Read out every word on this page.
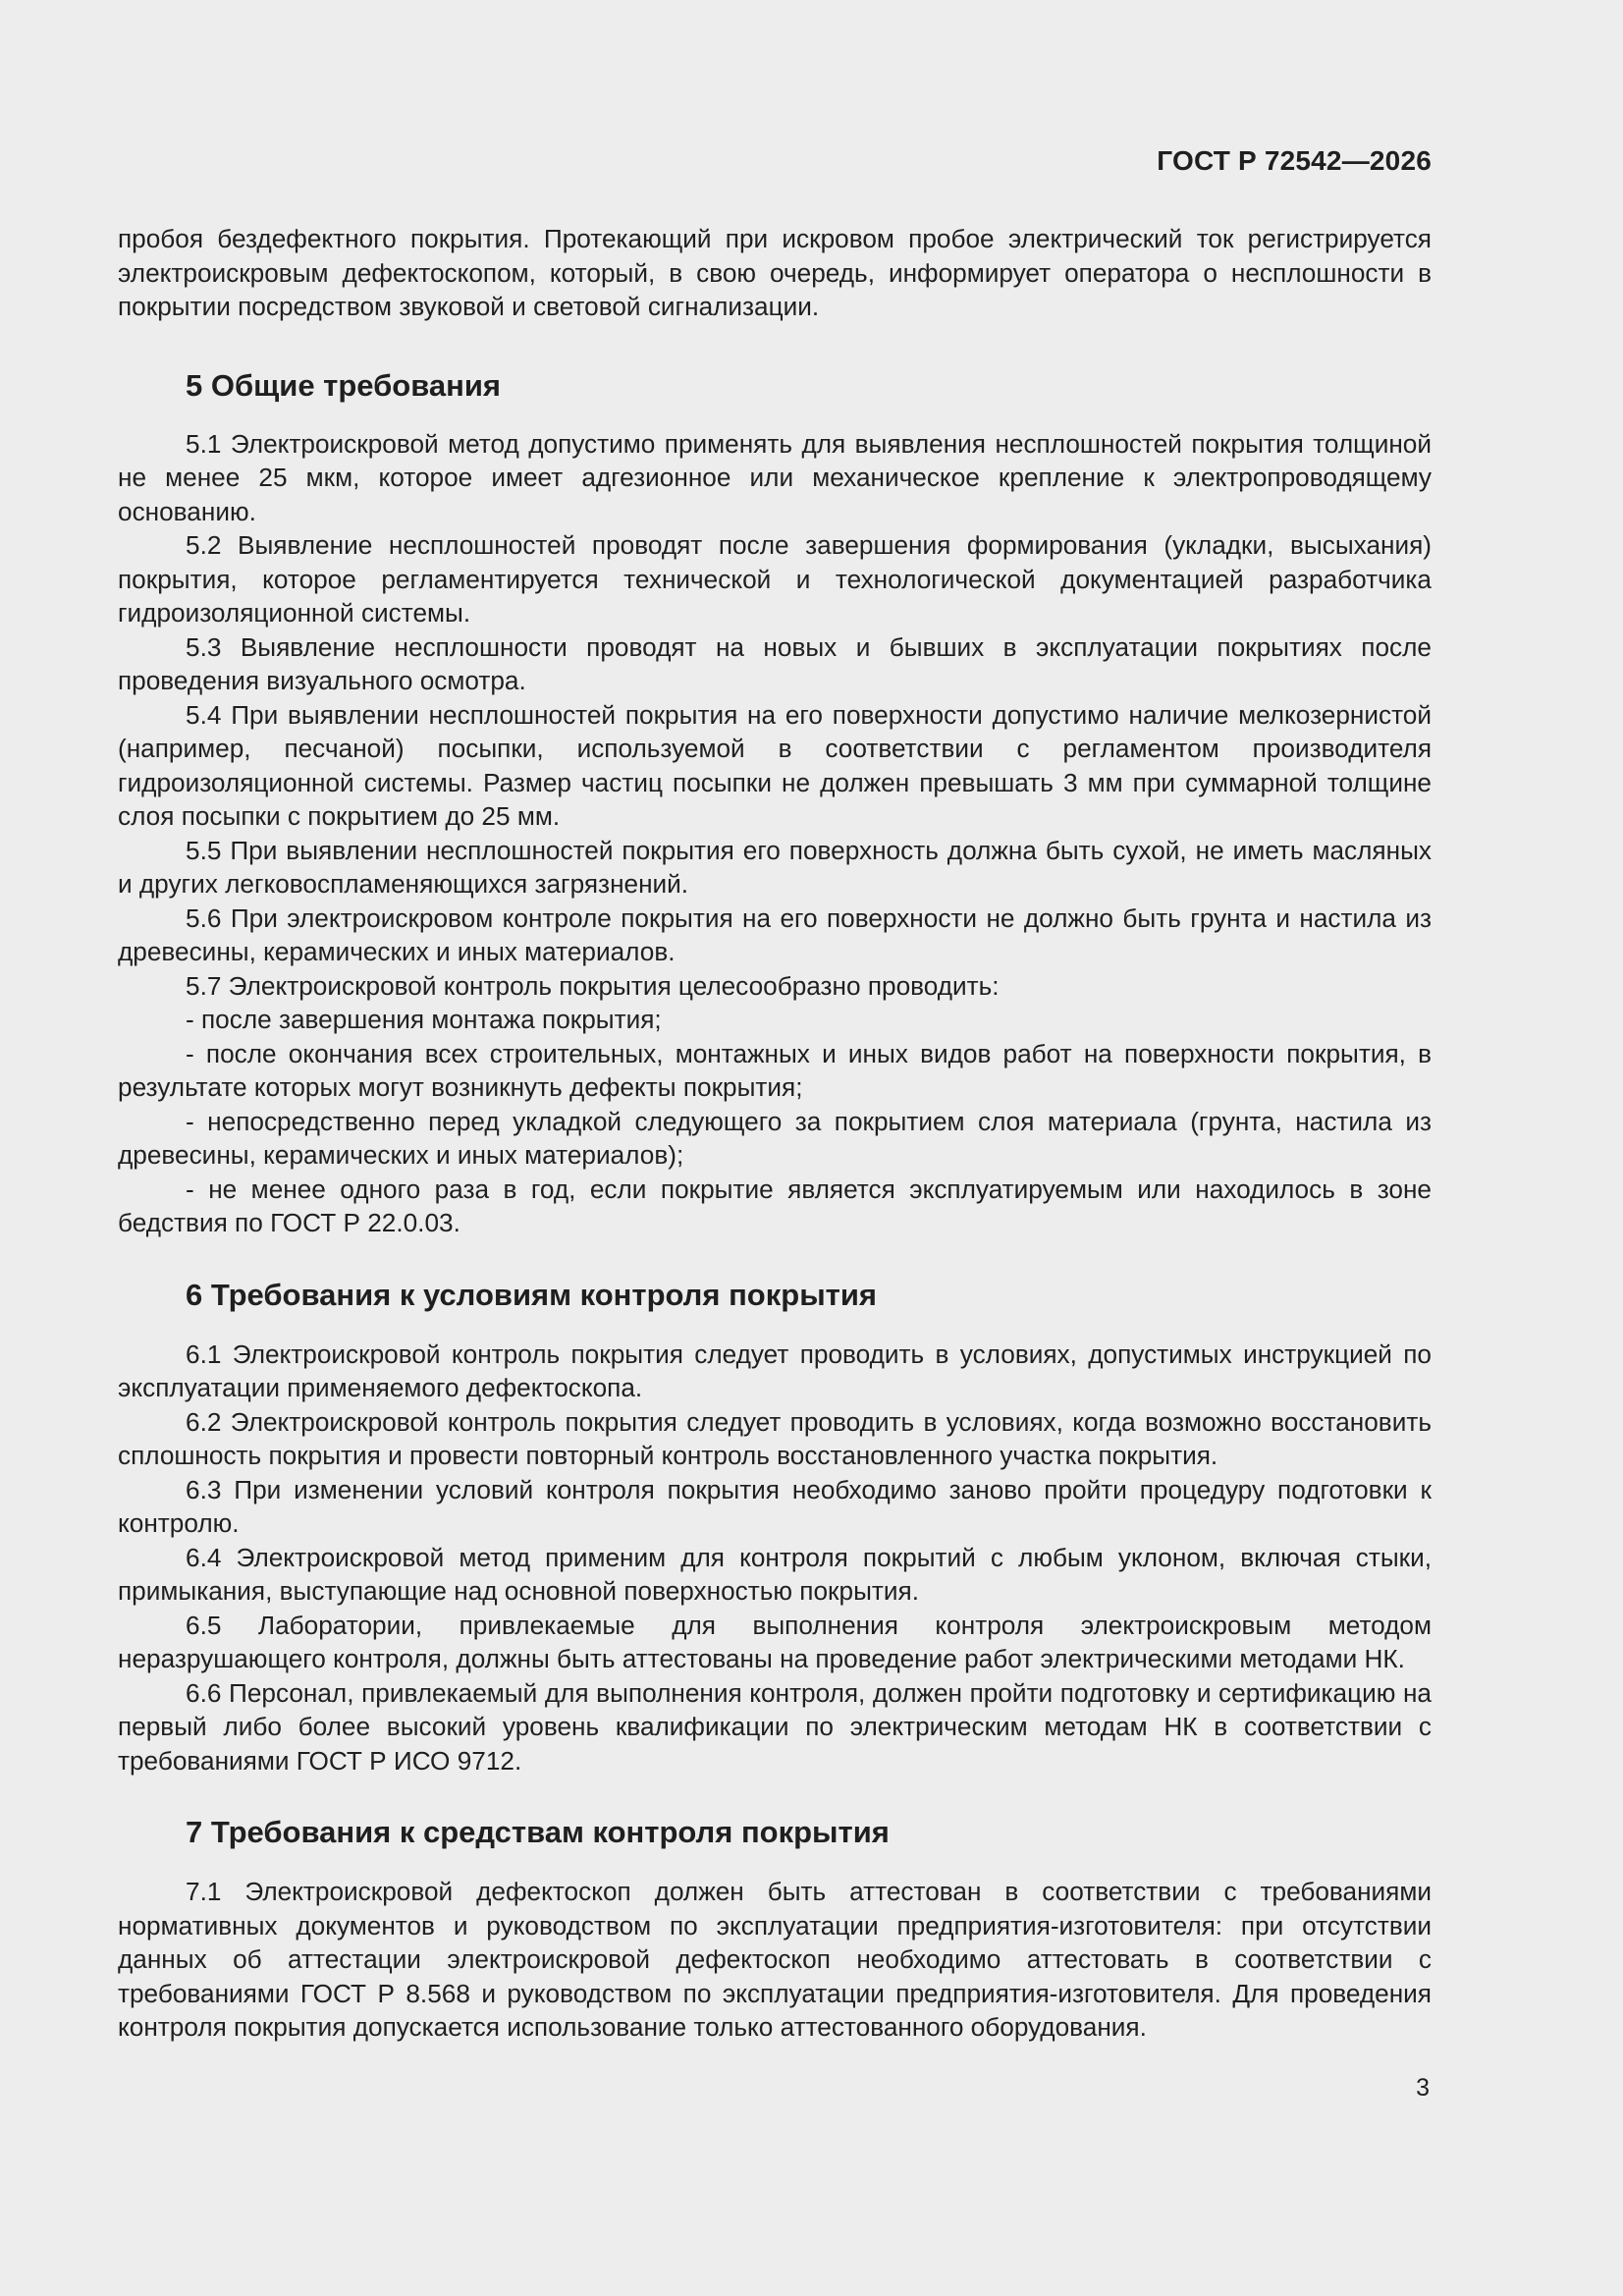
ГОСТ Р 72542—2026

пробоя бездефектного покрытия. Протекающий при искровом пробое электрический ток регистрируется электроискровым дефектоскопом, который, в свою очередь, информирует оператора о несплошности в покрытии посредством звуковой и световой сигнализации.

5 Общие требования

5.1 Электроискровой метод допустимо применять для выявления несплошностей покрытия толщиной не менее 25 мкм, которое имеет адгезионное или механическое крепление к электропроводящему основанию.

5.2 Выявление несплошностей проводят после завершения формирования (укладки, высыхания) покрытия, которое регламентируется технической и технологической документацией разработчика гидроизоляционной системы.

5.3 Выявление несплошности проводят на новых и бывших в эксплуатации покрытиях после проведения визуального осмотра.

5.4 При выявлении несплошностей покрытия на его поверхности допустимо наличие мелкозернистой (например, песчаной) посыпки, используемой в соответствии с регламентом производителя гидроизоляционной системы. Размер частиц посыпки не должен превышать 3 мм при суммарной толщине слоя посыпки с покрытием до 25 мм.

5.5 При выявлении несплошностей покрытия его поверхность должна быть сухой, не иметь масляных и других легковоспламеняющихся загрязнений.

5.6 При электроискровом контроле покрытия на его поверхности не должно быть грунта и настила из древесины, керамических и иных материалов.

5.7 Электроискровой контроль покрытия целесообразно проводить:

- после завершения монтажа покрытия;

- после окончания всех строительных, монтажных и иных видов работ на поверхности покрытия, в результате которых могут возникнуть дефекты покрытия;

- непосредственно перед укладкой следующего за покрытием слоя материала (грунта, настила из древесины, керамических и иных материалов);

- не менее одного раза в год, если покрытие является эксплуатируемым или находилось в зоне бедствия по ГОСТ Р 22.0.03.

6 Требования к условиям контроля покрытия

6.1 Электроискровой контроль покрытия следует проводить в условиях, допустимых инструкцией по эксплуатации применяемого дефектоскопа.

6.2 Электроискровой контроль покрытия следует проводить в условиях, когда возможно восстановить сплошность покрытия и провести повторный контроль восстановленного участка покрытия.

6.3 При изменении условий контроля покрытия необходимо заново пройти процедуру подготовки к контролю.

6.4 Электроискровой метод применим для контроля покрытий с любым уклоном, включая стыки, примыкания, выступающие над основной поверхностью покрытия.

6.5 Лаборатории, привлекаемые для выполнения контроля электроискровым методом неразрушающего контроля, должны быть аттестованы на проведение работ электрическими методами НК.

6.6 Персонал, привлекаемый для выполнения контроля, должен пройти подготовку и сертификацию на первый либо более высокий уровень квалификации по электрическим методам НК в соответствии с требованиями ГОСТ Р ИСО 9712.

7 Требования к средствам контроля покрытия

7.1 Электроискровой дефектоскоп должен быть аттестован в соответствии с требованиями нормативных документов и руководством по эксплуатации предприятия-изготовителя: при отсутствии данных об аттестации электроискровой дефектоскоп необходимо аттестовать в соответствии с требованиями ГОСТ Р 8.568 и руководством по эксплуатации предприятия-изготовителя. Для проведения контроля покрытия допускается использование только аттестованного оборудования.

3
